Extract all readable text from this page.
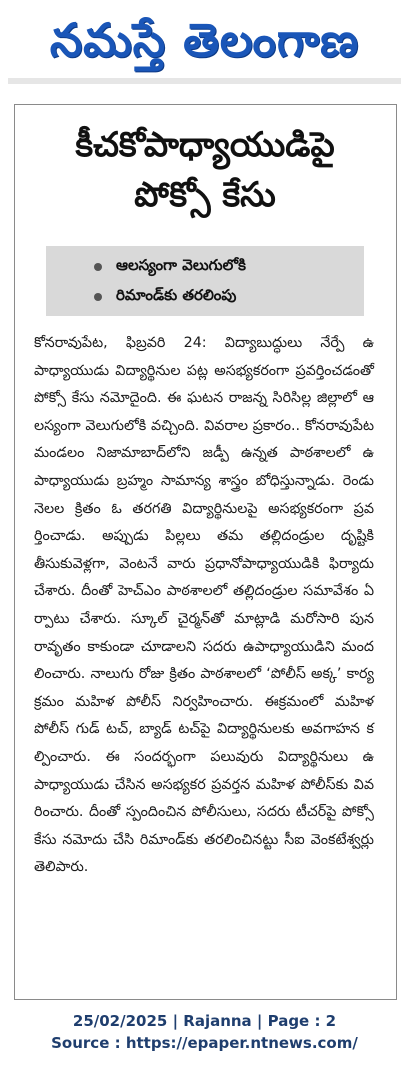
నమస్తే తెలంగాణ
కీచకోపాధ్యాయుడిపై
పోక్సో కేసు
ఆలస్యంగా వెలుగులోకి
రిమాండ్‌కు తరలింపు
కోనరావుపేట, ఫిబ్రవరి 24: విద్యాబుద్ధులు నేర్పే ఉపాధ్యాయుడు విద్యార్థినుల పట్ల అసభ్యకరంగా ప్రవర్తించడంతో పోక్సో కేసు నమోదైంది. ఈ ఘటన రాజన్న సిరిసిల్ల జిల్లాలో ఆలస్యంగా వెలుగులోకి వచ్చింది. వివరాల ప్రకారం.. కోనరావుపేట మండలం నిజామాబాద్‌లోని జడ్పీ ఉన్నత పాఠశాలలో ఉపాధ్యాయుడు బ్రహ్మం సామాన్య శాస్త్రం బోధిస్తున్నాడు. రెండు నెలల క్రితం ఓ తరగతి విద్యార్థినులపై అసభ్యకరంగా ప్రవర్తించాడు. అప్పుడు పిల్లలు తమ తల్లిదండ్రుల దృష్టికి తీసుకువెళ్లగా, వెంటనే వారు ప్రధానోపాధ్యాయుడికి ఫిర్యాదు చేశారు. దీంతో హెచ్‌ఎం పాఠశాలలో తల్లిదండ్రుల సమావేశం ఏర్పాటు చేశారు. స్కూల్ చైర్మన్‌తో మాట్లాడి మరోసారి పునరావృతం కాకుండా చూడాలని సదరు ఉపాధ్యాయుడిని మందలించారు. నాలుగు రోజు క్రితం పాఠశాలలో ‘పోలీస్ అక్క’ కార్యక్రమం మహిళ పోలీస్ నిర్వహించారు. ఈక్రమంలో మహిళ పోలీస్ గుడ్ టచ్, బ్యాడ్ టచ్‌పై విద్యార్థినులకు అవగాహన కల్పించారు. ఈ సందర్భంగా పలువురు విద్యార్థినులు ఉపాధ్యాయుడు చేసిన అసభ్యకర ప్రవర్తన మహిళ పోలీస్‌కు వివరించారు. దీంతో స్పందించిన పోలీసులు, సదరు టీచర్‌పై పోక్సో కేసు నమోదు చేసి రిమాండ్‌కు తరలించినట్టు సీఐ వెంకటేశ్వర్లు తెలిపారు.
25/02/2025 | Rajanna | Page : 2
Source : https://epaper.ntnews.com/
